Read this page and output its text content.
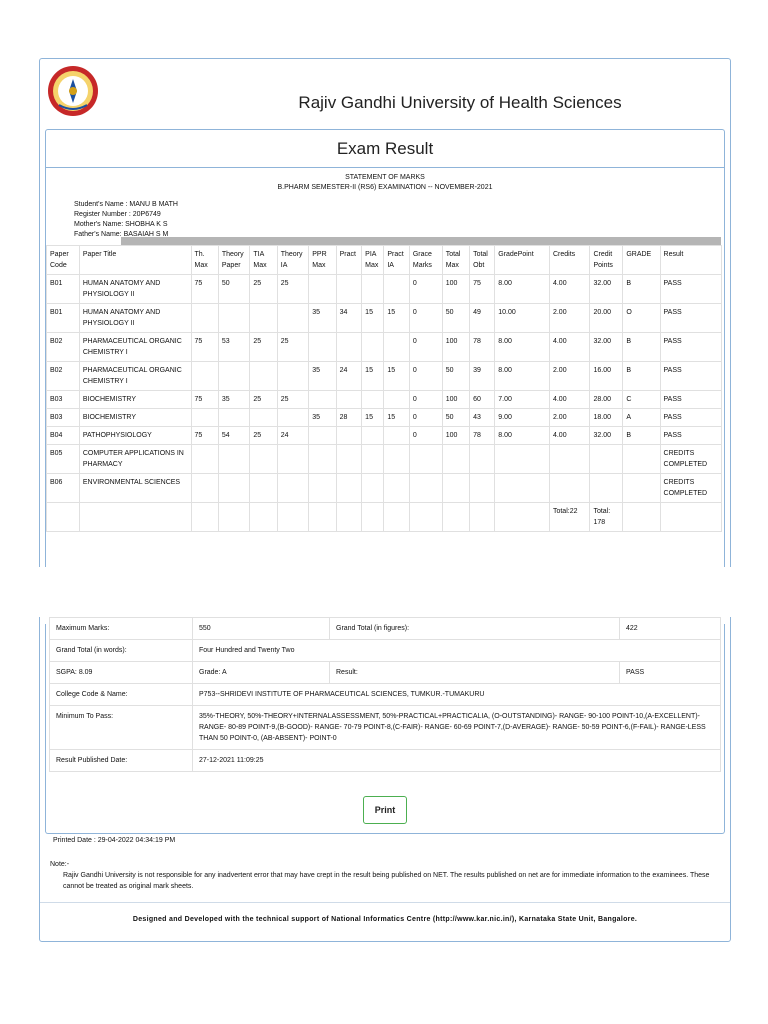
Rajiv Gandhi University of Health Sciences
Exam Result
STATEMENT OF MARKS
B.PHARM SEMESTER-II (RS6) EXAMINATION -- NOVEMBER-2021
Student's Name : MANU B MATH
Register Number : 20P6749
Mother's Name: SHOBHA K S
Father's Name: BASAIAH S M
Paper Code	Paper Title	Th. Max	Theory Paper	TIA Max	Theory IA	PPR Max	Pract	PIA Max	Pract IA	Grace Marks	Total Max	Total Obt	GradePoint	Credits	Credit Points	GRADE	Result
B01	HUMAN ANATOMY AND PHYSIOLOGY II	75	50	25	25					0	100	75	8.00	4.00	32.00	B	PASS
B01	HUMAN ANATOMY AND PHYSIOLOGY II					35	34	15	15	0	50	49	10.00	2.00	20.00	O	PASS
B02	PHARMACEUTICAL ORGANIC CHEMISTRY I	75	53	25	25					0	100	78	8.00	4.00	32.00	B	PASS
B02	PHARMACEUTICAL ORGANIC CHEMISTRY I					35	24	15	15	0	50	39	8.00	2.00	16.00	B	PASS
B03	BIOCHEMISTRY	75	35	25	25					0	100	60	7.00	4.00	28.00	C	PASS
B03	BIOCHEMISTRY					35	28	15	15	0	50	43	9.00	2.00	18.00	A	PASS
B04	PATHOPHYSIOLOGY	75	54	25	24					0	100	78	8.00	4.00	32.00	B	PASS
B05	COMPUTER APPLICATIONS IN PHARMACY																CREDITS COMPLETED
B06	ENVIRONMENTAL SCIENCES																CREDITS COMPLETED
														Total:22	Total: 178		
Maximum Marks:	550	Grand Total (in figures):	422
Grand Total (in words):	Four Hundred and Twenty Two		
SGPA: 8.09	Grade: A	Result:	PASS
College Code & Name:	P753--SHRIDEVI INSTITUTE OF PHARMACEUTICAL SCIENCES, TUMKUR.-TUMAKURU		
Minimum To Pass:	35%-THEORY, 50%-THEORY+INTERNALASSESSMENT, 50%-PRACTICAL+PRACTICALIA, (O-OUTSTANDING)- RANGE- 90-100 POINT-10,(A-EXCELLENT)- RANGE- 80-89 POINT-9,(B-GOOD)- RANGE- 70-79 POINT-8,(C-FAIR)- RANGE- 60-69 POINT-7,(D-AVERAGE)- RANGE- 50-59 POINT-6,(F-FAIL)- RANGE-LESS THAN 50 POINT-0, (AB-ABSENT)- POINT-0		
Result Published Date:	27-12-2021 11:09:25		
Print
Printed Date : 29-04-2022 04:34:19 PM
Note:-
Rajiv Gandhi University is not responsible for any inadvertent error that may have crept in the result being published on NET. The results published on net are for immediate information to the examinees. These cannot be treated as original mark sheets.
Designed and Developed with the technical support of National Informatics Centre (http://www.kar.nic.in/), Karnataka State Unit, Bangalore.
